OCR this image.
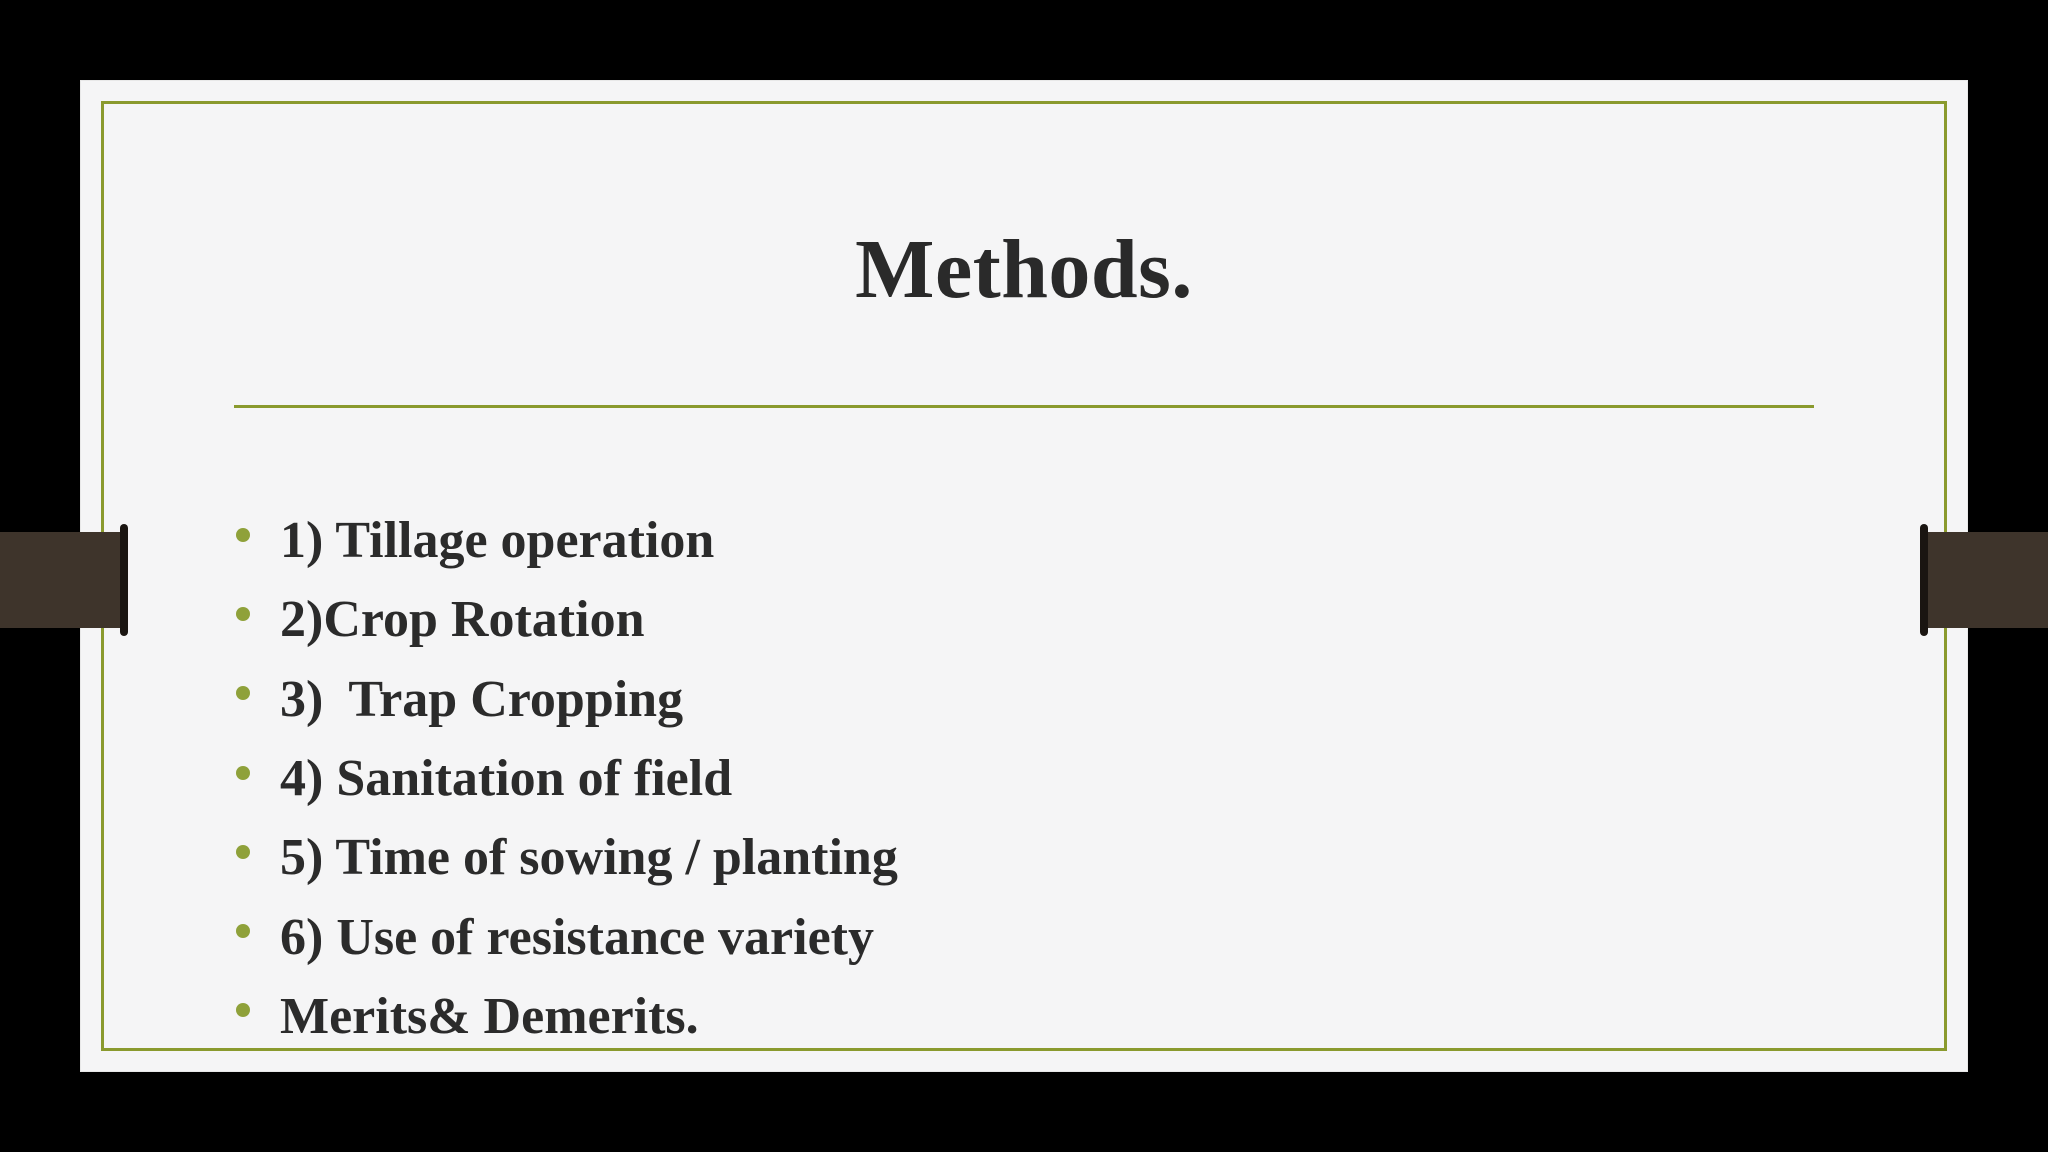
Methods.
1) Tillage operation
2)Crop Rotation
3)  Trap Cropping
4) Sanitation of field
5) Time of sowing / planting
6) Use of resistance variety
Merits& Demerits.
